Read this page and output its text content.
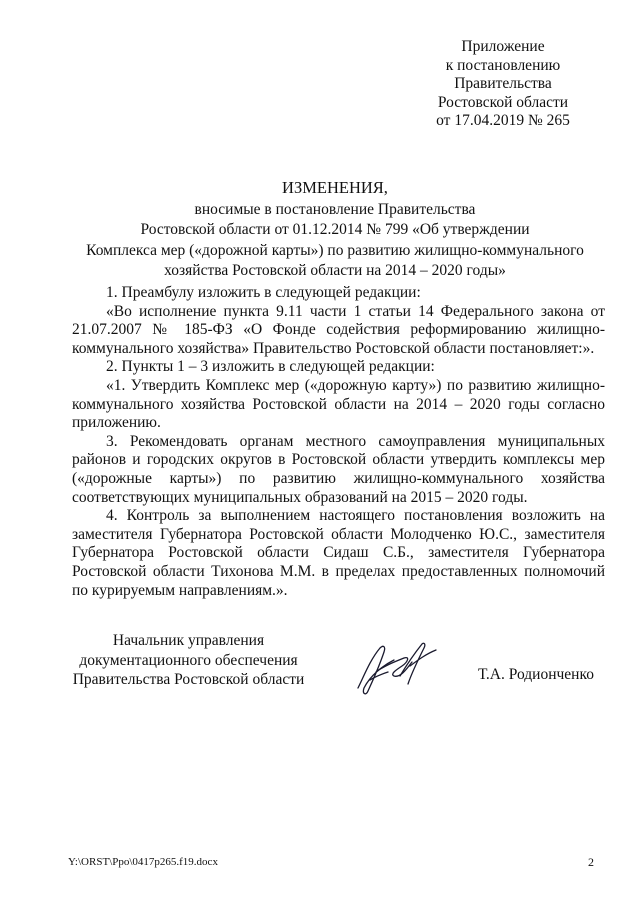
Приложение
к постановлению
Правительства
Ростовской области
от 17.04.2019 № 265
ИЗМЕНЕНИЯ,
вносимые в постановление Правительства
Ростовской области от 01.12.2014 № 799 «Об утверждении
Комплекса мер («дорожной карты») по развитию жилищно-коммунального
хозяйства Ростовской области на 2014 – 2020 годы»

1. Преамбулу изложить в следующей редакции:

«Во исполнение пункта 9.11 части 1 статьи 14 Федерального закона от 21.07.2007 № 185-ФЗ «О Фонде содействия реформированию жилищно-коммунального хозяйства» Правительство Ростовской области постановляет:».

2. Пункты 1 – 3 изложить в следующей редакции:

«1. Утвердить Комплекс мер («дорожную карту») по развитию жилищно-коммунального хозяйства Ростовской области на 2014 – 2020 годы согласно приложению.

3. Рекомендовать органам местного самоуправления муниципальных районов и городских округов в Ростовской области утвердить комплексы мер («дорожные карты») по развитию жилищно-коммунального хозяйства соответствующих муниципальных образований на 2015 – 2020 годы.

4. Контроль за выполнением настоящего постановления возложить на заместителя Губернатора Ростовской области Молодченко Ю.С., заместителя Губернатора Ростовской области Сидаш С.Б., заместителя Губернатора Ростовской области Тихонова М.М. в пределах предоставленных полномочий по курируемым направлениям.».

Начальник управления
документационного обеспечения
Правительства Ростовской области	Т.А. Родионченко
Y:\ORST\Ppo\0417p265.f19.docx	2
